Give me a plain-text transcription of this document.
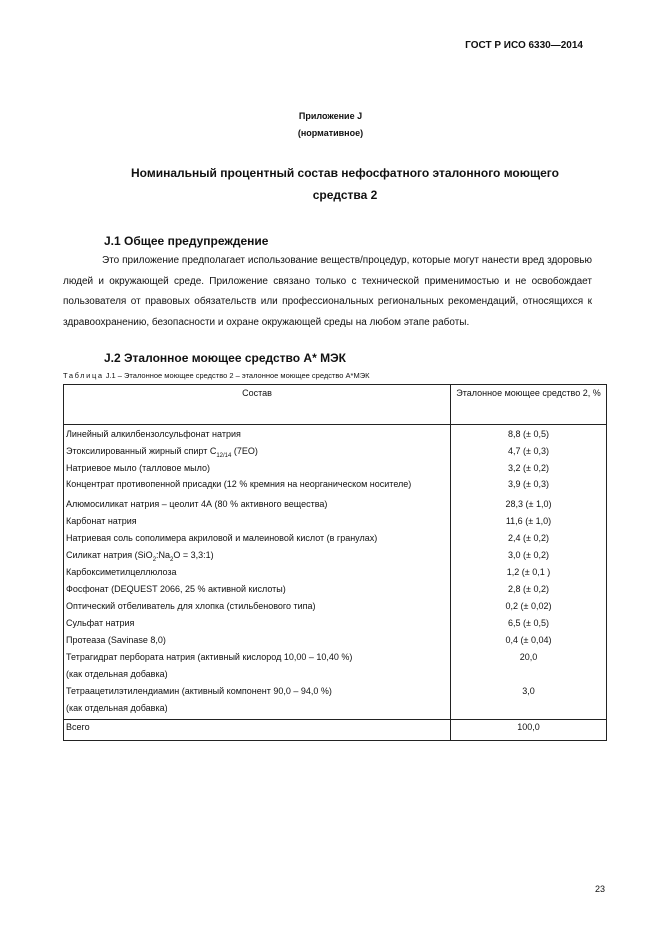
ГОСТ Р ИСО 6330—2014
Приложение J
(нормативное)
Номинальный процентный состав нефосфатного эталонного моющего средства 2
J.1 Общее предупреждение

Это приложение предполагает использование веществ/процедур, которые могут нанести вред здоровью людей и окружающей среде. Приложение связано только с технической применимостью и не освобождает пользователя от правовых обязательств или профессиональных региональных рекомендаций, относящихся к здравоохранению, безопасности и охране окружающей среды на любом этапе работы.

J.2 Эталонное моющее средство А* МЭК
Таблица J.1 – Эталонное моющее средство 2 – эталонное моющее средство А*МЭК
Состав	Эталонное моющее средство 2, %
Линейный алкилбензолсульфонат натрия	8,8 (± 0,5)
Этоксилированный жирный спирт $С_{12/14}$ (7ЕО)	4,7 (± 0,3)
Натриевое мыло (талловое мыло)	3,2 (± 0,2)
Концентрат противопенной присадки (12 % кремния на неорганическом носителе)	3,9 (± 0,3)
Алюмосиликат натрия – цеолит 4А (80 % активного вещества)	28,3 (± 1,0)
Карбонат натрия	11,6 (± 1,0)
Натриевая соль сополимера акриловой и малеиновой кислот (в гранулах)	2,4 (± 0,2)
Силикат натрия ($SiO_2:Na_2O$ = 3,3:1)	3,0 (± 0,2)
Карбоксиметилцеллюлоза	1,2 (± 0,1 )
Фосфонат (DEQUEST 2066, 25 % активной кислоты)	2,8 (± 0,2)
Оптический отбеливатель для хлопка (стильбенового типа)	0,2 (± 0,02)
Сульфат натрия	6,5 (± 0,5)
Протеаза (Savinase 8,0)	0,4 (± 0,04)
Тетрагидрат пербората натрия (активный кислород 10,00 – 10,40 %)	20,0
(как отдельная добавка)	
Тетраацетилэтилендиамин (активный компонент 90,0 – 94,0 %)	3,0
(как отдельная добавка)	
Всего	100,0
23
